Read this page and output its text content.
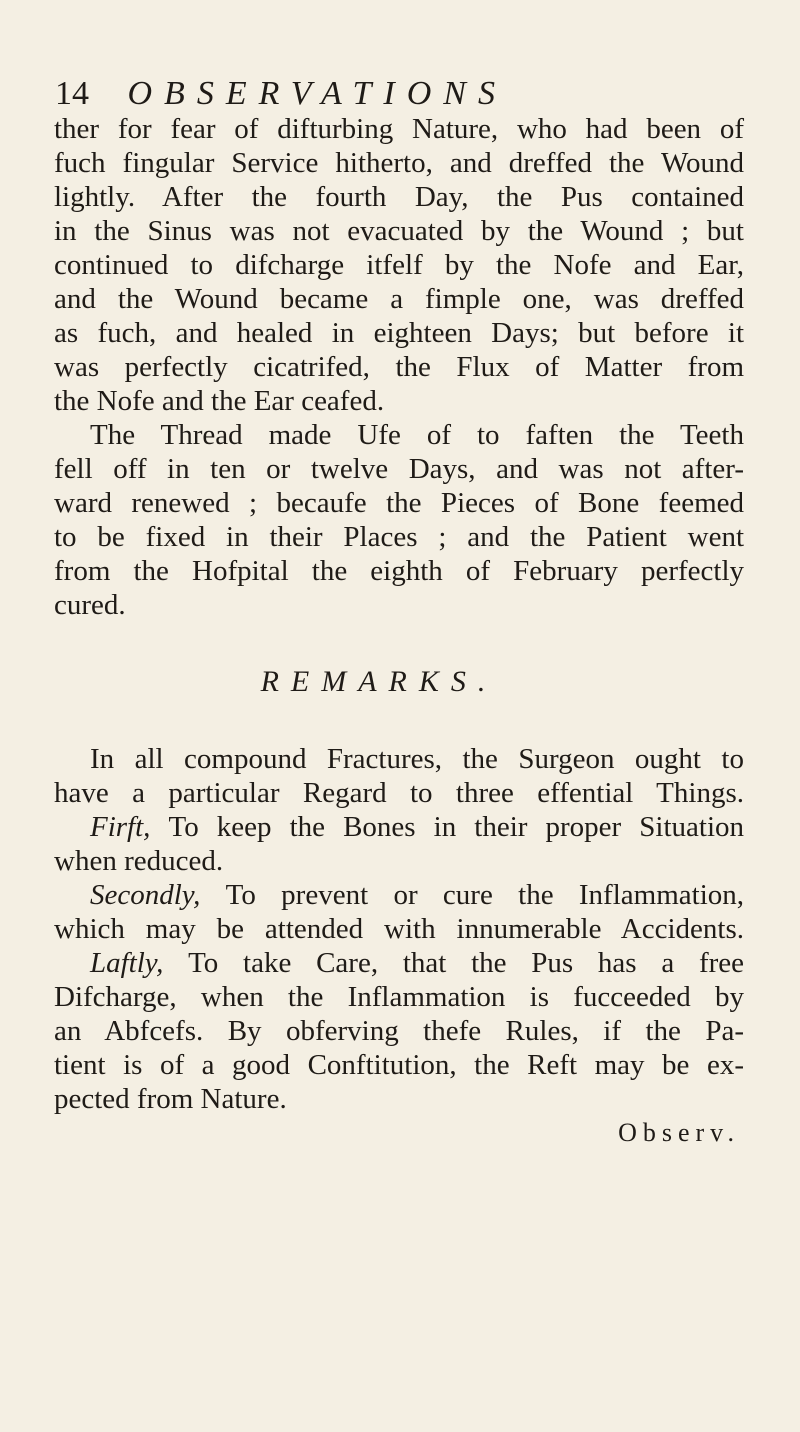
14 OBSERVATIONS
ther for fear of difturbing Nature, who had been of
fuch fingular Service hitherto, and dreffed the Wound
lightly. After the fourth Day, the Pus contained
in the Sinus was not evacuated by the Wound ; but
continued to difcharge itfelf by the Nofe and Ear,
and the Wound became a fimple one, was dreffed
as fuch, and healed in eighteen Days; but before it
was perfectly cicatrifed, the Flux of Matter from
the Nofe and the Ear ceafed.
The Thread made Ufe of to faften the Teeth
fell off in ten or twelve Days, and was not after-
ward renewed ; becaufe the Pieces of Bone feemed
to be fixed in their Places ; and the Patient went
from the Hofpital the eighth of February perfectly
cured.
REMARKS.
In all compound Fractures, the Surgeon ought to
have a particular Regard to three effential Things.
Firft, To keep the Bones in their proper Situation
when reduced.
Secondly, To prevent or cure the Inflammation,
which may be attended with innumerable Accidents.
Laftly, To take Care, that the Pus has a free
Difcharge, when the Inflammation is fucceeded by
an Abfcefs. By obferving thefe Rules, if the Pa-
tient is of a good Conftitution, the Reft may be ex-
pected from Nature.
Observ.
